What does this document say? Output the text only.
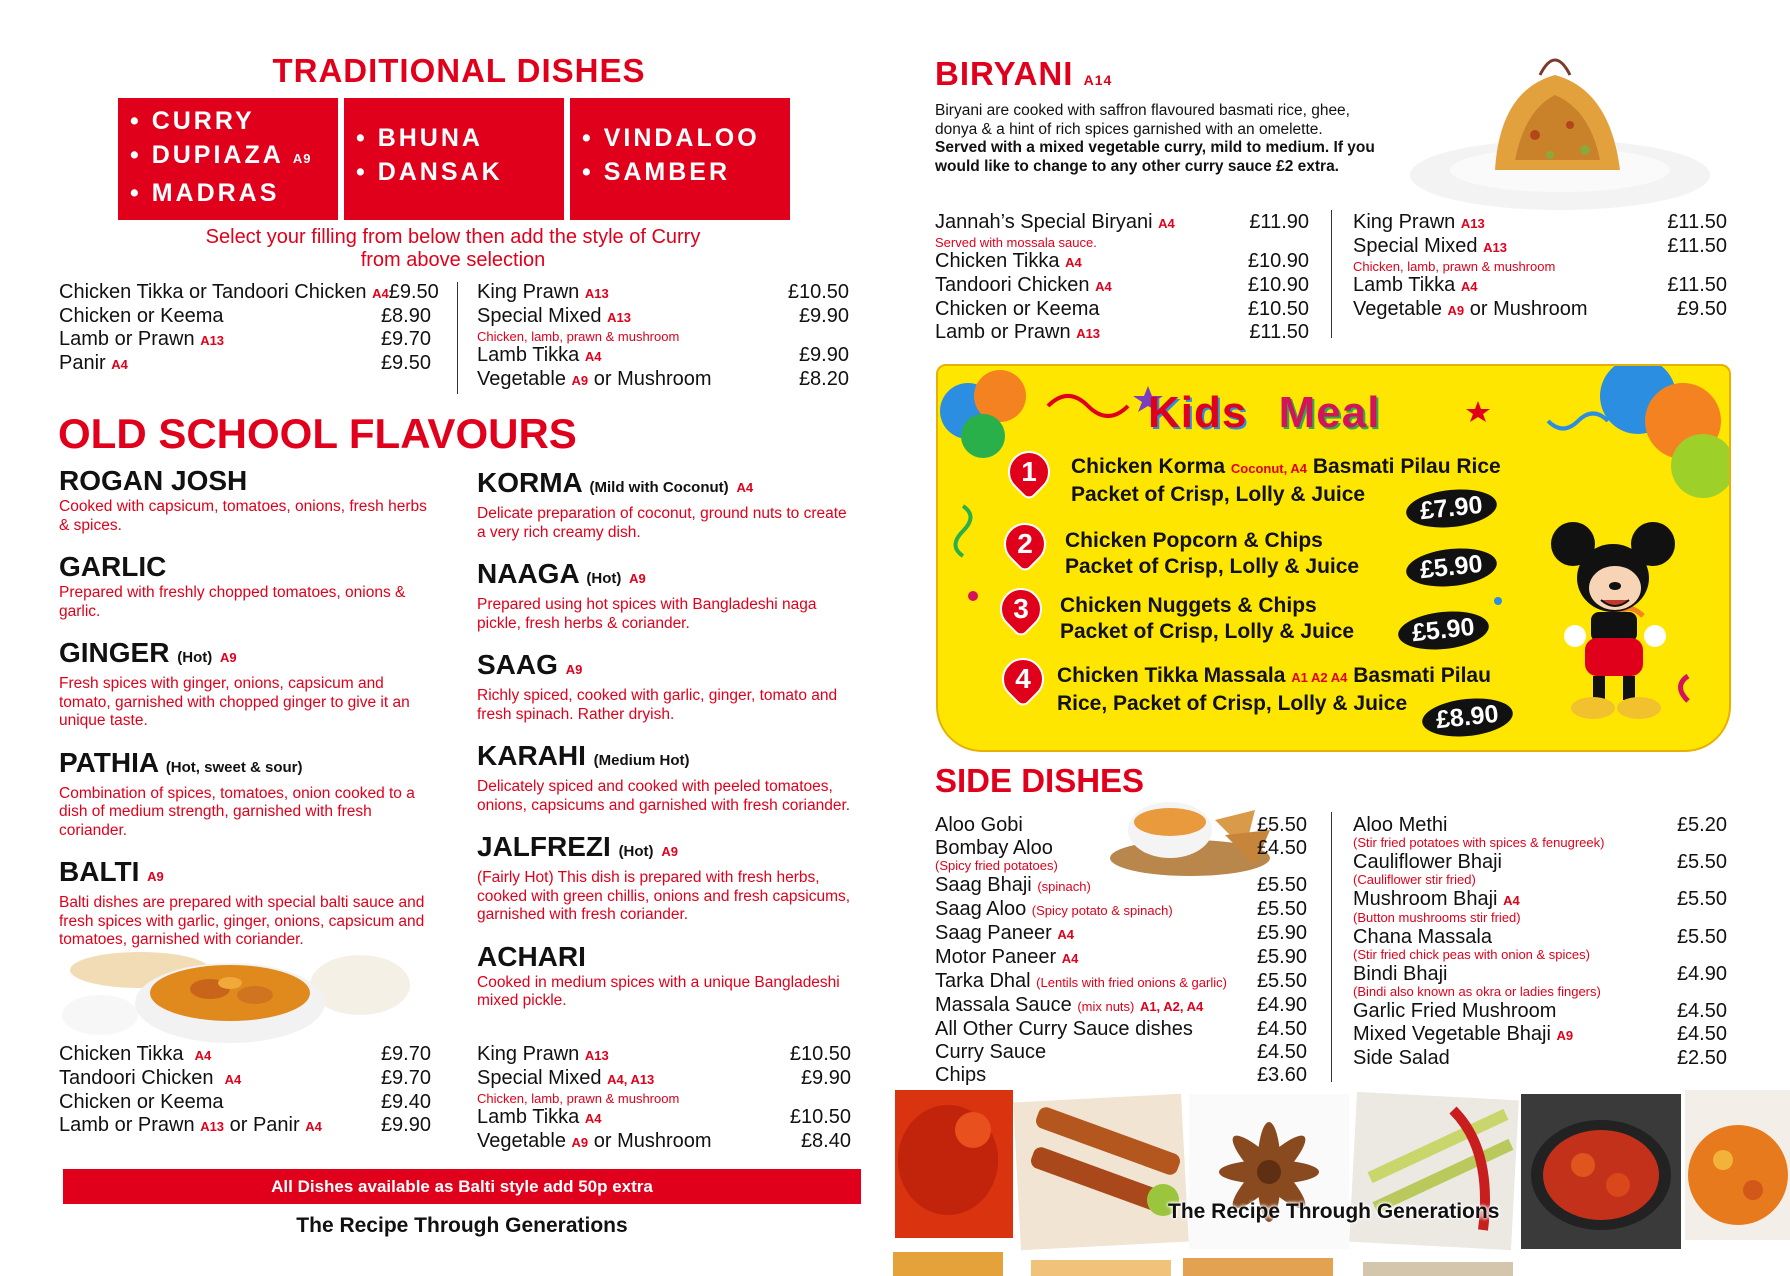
TRADITIONAL DISHES
• CURRY
• DUPIAZA A9
• MADRAS
• BHUNA
• DANSAK
• VINDALOO
• SAMBER
Select your filling from below then add the style of Curry
from above selection
Chicken Tikka or Tandoori Chicken A4 £9.50
Chicken or Keema	£8.90
Lamb or Prawn A13	£9.70
Panir A4	£9.50
King Prawn A13	£10.50
Special Mixed A13	£9.90
Chicken, lamb, prawn & mushroom
Lamb Tikka A4	£9.90
Vegetable A9 or Mushroom	£8.20
OLD SCHOOL FLAVOURS
ROGAN JOSH

Cooked with capsicum, tomatoes, onions, fresh herbs & spices.

GARLIC

Prepared with freshly chopped tomatoes, onions & garlic.

GINGER (Hot) A9

Fresh spices with ginger, onions, capsicum and tomato, garnished with chopped ginger to give it an unique taste.

PATHIA (Hot, sweet & sour)

Combination of spices, tomatoes, onion cooked to a dish of medium strength, garnished with fresh coriander.

BALTI A9

Balti dishes are prepared with special balti sauce and fresh spices with garlic, ginger, onions, capsicum and tomatoes, garnished with coriander.

Chicken Tikka A4	£9.70
Tandoori Chicken A4	£9.70
Chicken or Keema	£9.40
Lamb or Prawn A13 or Panir A4	£9.90
KORMA (Mild with Coconut) A4

Delicate preparation of coconut, ground nuts to create a very rich creamy dish.

NAAGA (Hot) A9

Prepared using hot spices with Bangladeshi naga pickle, fresh herbs & coriander.

SAAG A9

Richly spiced, cooked with garlic, ginger, tomato and fresh spinach. Rather dryish.

KARAHI (Medium Hot)

Delicately spiced and cooked with peeled tomatoes, onions, capsicums and garnished with fresh coriander.

JALFREZI (Hot) A9

(Fairly Hot) This dish is prepared with fresh herbs, cooked with green chillis, onions and fresh capsicums, garnished with fresh coriander.

ACHARI

Cooked in medium spices with a unique Bangladeshi mixed pickle.

King Prawn A13	£10.50
Special Mixed A4, A13	£9.90
Chicken, lamb, prawn & mushroom
Lamb Tikka A4	£10.50
Vegetable A9 or Mushroom	£8.40
All Dishes available as Balti style add 50p extra
The Recipe Through Generations
BIRYANI A14
Biryani are cooked with saffron flavoured basmati rice, ghee, donya & a hint of rich spices garnished with an omelette. Served with a mixed vegetable curry, mild to medium. If you would like to change to any other curry sauce £2 extra.
Jannah’s Special Biryani A4	£11.90
Served with mossala sauce.
Chicken Tikka A4	£10.90
Tandoori Chicken A4	£10.90
Chicken or Keema	£10.50
Lamb or Prawn A13	£11.50
King Prawn A13	£11.50
Special Mixed A13	£11.50
Chicken, lamb, prawn & mushroom
Lamb Tikka A4	£11.50
Vegetable A9 or Mushroom	£9.50
Kids Meal
1	Chicken Korma Coconut, A4 Basmati Pilau Rice
Packet of Crisp, Lolly & Juice	£7.90
2	Chicken Popcorn & Chips
Packet of Crisp, Lolly & Juice	£5.90
3	Chicken Nuggets & Chips
Packet of Crisp, Lolly & Juice	£5.90
4	Chicken Tikka Massala A1 A2 A4 Basmati Pilau
Rice, Packet of Crisp, Lolly & Juice	£8.90
SIDE DISHES
Aloo Gobi	£5.50
Bombay Aloo	£4.50
(Spicy fried potatoes)
Saag Bhaji (spinach)	£5.50
Saag Aloo (Spicy potato & spinach)	£5.50
Saag Paneer A4	£5.90
Motor Paneer A4	£5.90
Tarka Dhal (Lentils with fried onions & garlic) £5.50
Massala Sauce (mix nuts) A1, A2, A4	£4.90
All Other Curry Sauce dishes	£4.50
Curry Sauce	£4.50
Chips	£3.60
Aloo Methi	£5.20
(Stir fried potatoes with spices & fenugreek)
Cauliflower Bhaji	£5.50
(Cauliflower stir fried)
Mushroom Bhaji A4	£5.50
(Button mushrooms stir fried)
Chana Massala	£5.50
(Stir fried chick peas with onion & spices)
Bindi Bhaji	£4.90
(Bindi also known as okra or ladies fingers)
Garlic Fried Mushroom	£4.50
Mixed Vegetable Bhaji A9	£4.50
Side Salad	£2.50
The Recipe Through Generations
